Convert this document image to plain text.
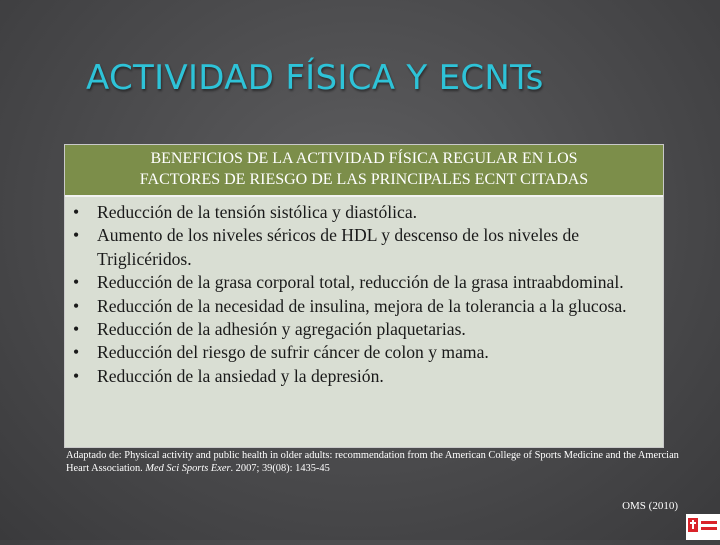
ACTIVIDAD FÍSICA Y ECNTs
BENEFICIOS DE LA ACTIVIDAD FÍSICA REGULAR EN LOS
FACTORES DE RIESGO DE LAS PRINCIPALES ECNT CITADAS
• Reducción de la tensión sistólica y diastólica.
• Aumento de los niveles séricos de HDL y descenso de los niveles de Triglicéridos.
• Reducción de la grasa corporal total, reducción de la grasa intraabdominal.
• Reducción de la necesidad de insulina, mejora de la tolerancia a la glucosa.
• Reducción de la adhesión y agregación plaquetarias.
• Reducción del riesgo de sufrir cáncer de colon y mama.
• Reducción de la ansiedad y la depresión.
Adaptado de: Physical activity and public health in older adults: recommendation from the American College of Sports Medicine and the Amercian Heart Association. Med Sci Sports Exer. 2007; 39(08): 1435-45
OMS (2010)
